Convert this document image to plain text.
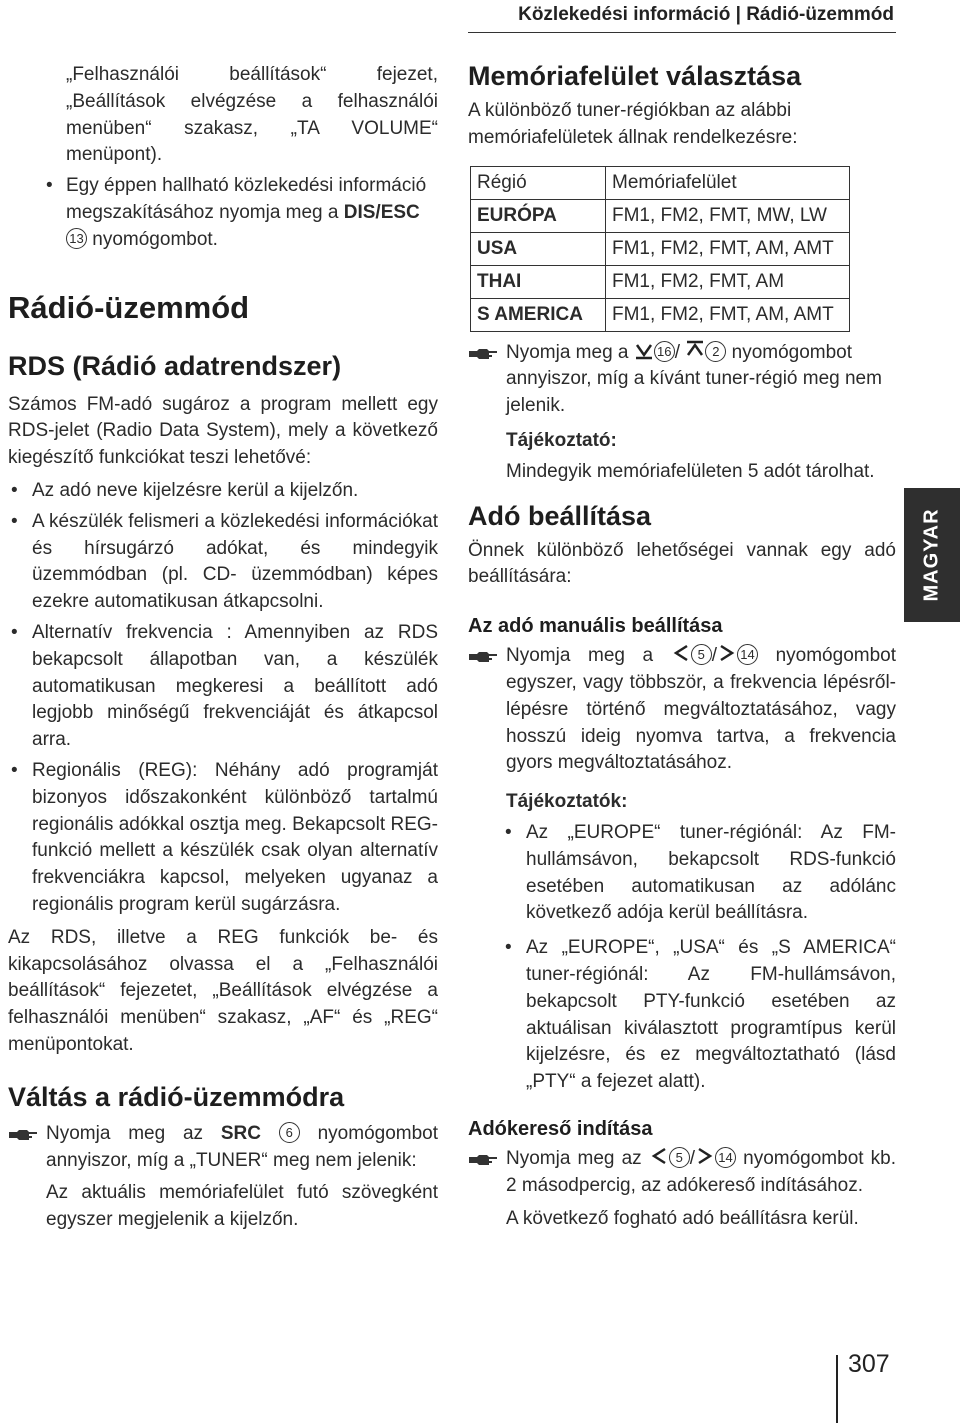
Közlekedési információ | Rádió-üzemmód

„Felhasználói beállítások“ fejezet, „Beállítások elvégzése a felhasználói menüben“ szakasz, „TA VOLUME“ menüpont).

• Egy éppen hallható közlekedési információ megszakításához nyomja meg a DIS/ESC 13 nyomógombot.
Rádió-üzemmód
RDS (Rádió adatrendszer)

Számos FM-adó sugároz a program mellett egy RDS-jelet (Radio Data System), mely a következő kiegészítő funkciókat teszi lehetővé:

• Az adó neve kijelzésre kerül a kijelzőn.
• A készülék felismeri a közlekedési információkat és hírsugárzó adókat, és mindegyik üzemmódban (pl. CD- üzemmódban) képes ezekre automatikusan átkapcsolni.
• Alternatív frekvencia : Amennyiben az RDS bekapcsolt állapotban van, a készülék automatikusan megkeresi a beállított adó legjobb minőségű frekvenciáját és átkapcsol arra.
• Regionális (REG): Néhány adó programját bizonyos időszakonként különböző tartalmú regionális adókkal osztja meg. Bekapcsolt REG-funkció mellett a készülék csak olyan alternatív frekvenciákra kapcsol, melyeken ugyanaz a regionális program kerül sugárzásra.

Az RDS, illetve a REG funkciók be- és kikapcsolásához olvassa el a „Felhasználói beállítások“ fejezetet, „Beállítások elvégzése a felhasználói menüben“ szakasz, „AF“ és „REG“ menüpontokat.

Váltás a rádió-üzemmódra
Nyomja meg az SRC 6 nyomógombot annyiszor, míg a „TUNER“ meg nem jelenik:

Az aktuális memóriafelület futó szövegként egyszer megjelenik a kijelzőn.

Memóriafelület választása

A különböző tuner-régiókban az alábbi memóriafelületek állnak rendelkezésre:

Régió	Memóriafelület
EURÓPA	FM1, FM2, FMT, MW, LW
USA	FM1, FM2, FMT, AM, AMT
THAI	FM1, FM2, FMT, AM
S AMERICA	FM1, FM2, FMT, AM, AMT
Nyomja meg a 16 / 2 nyomógombot annyiszor, míg a kívánt tuner-régió meg nem jelenik.
Tájékoztató:

Mindegyik memóriafelületen 5 adót tárolhat.

Adó beállítása

Önnek különböző lehetőségei vannak egy adó beállítására:

Az adó manuális beállítása
Nyomja meg a	5 / 14 nyomógombot egyszer, vagy többször, a frekvencia lépésről-lépésre történő megváltoztatásához, vagy hosszú ideig nyomva tartva, a frekvencia gyors megváltoztatásához.
Tájékoztatók:
• Az „EUROPE“ tuner-régiónál: Az FM-hullámsávon, bekapcsolt RDS-funkció esetében automatikusan az adólánc következő adója kerül beállításra.
• Az „EUROPE“, „USA“ és „S AMERICA“ tuner-régiónál: Az FM-hullámsávon, bekapcsolt PTY-funkció esetében az aktuálisan kiválasztott programtípus kerül kijelzésre, és ez megváltoztatható (lásd „PTY“ a fejezet alatt).
Adókereső indítása
Nyomja meg az	5 / 14 nyomógombot kb. 2 másodpercig, az adókereső indításához.

A következő fogható adó beállításra kerül.

MAGYAR
307
